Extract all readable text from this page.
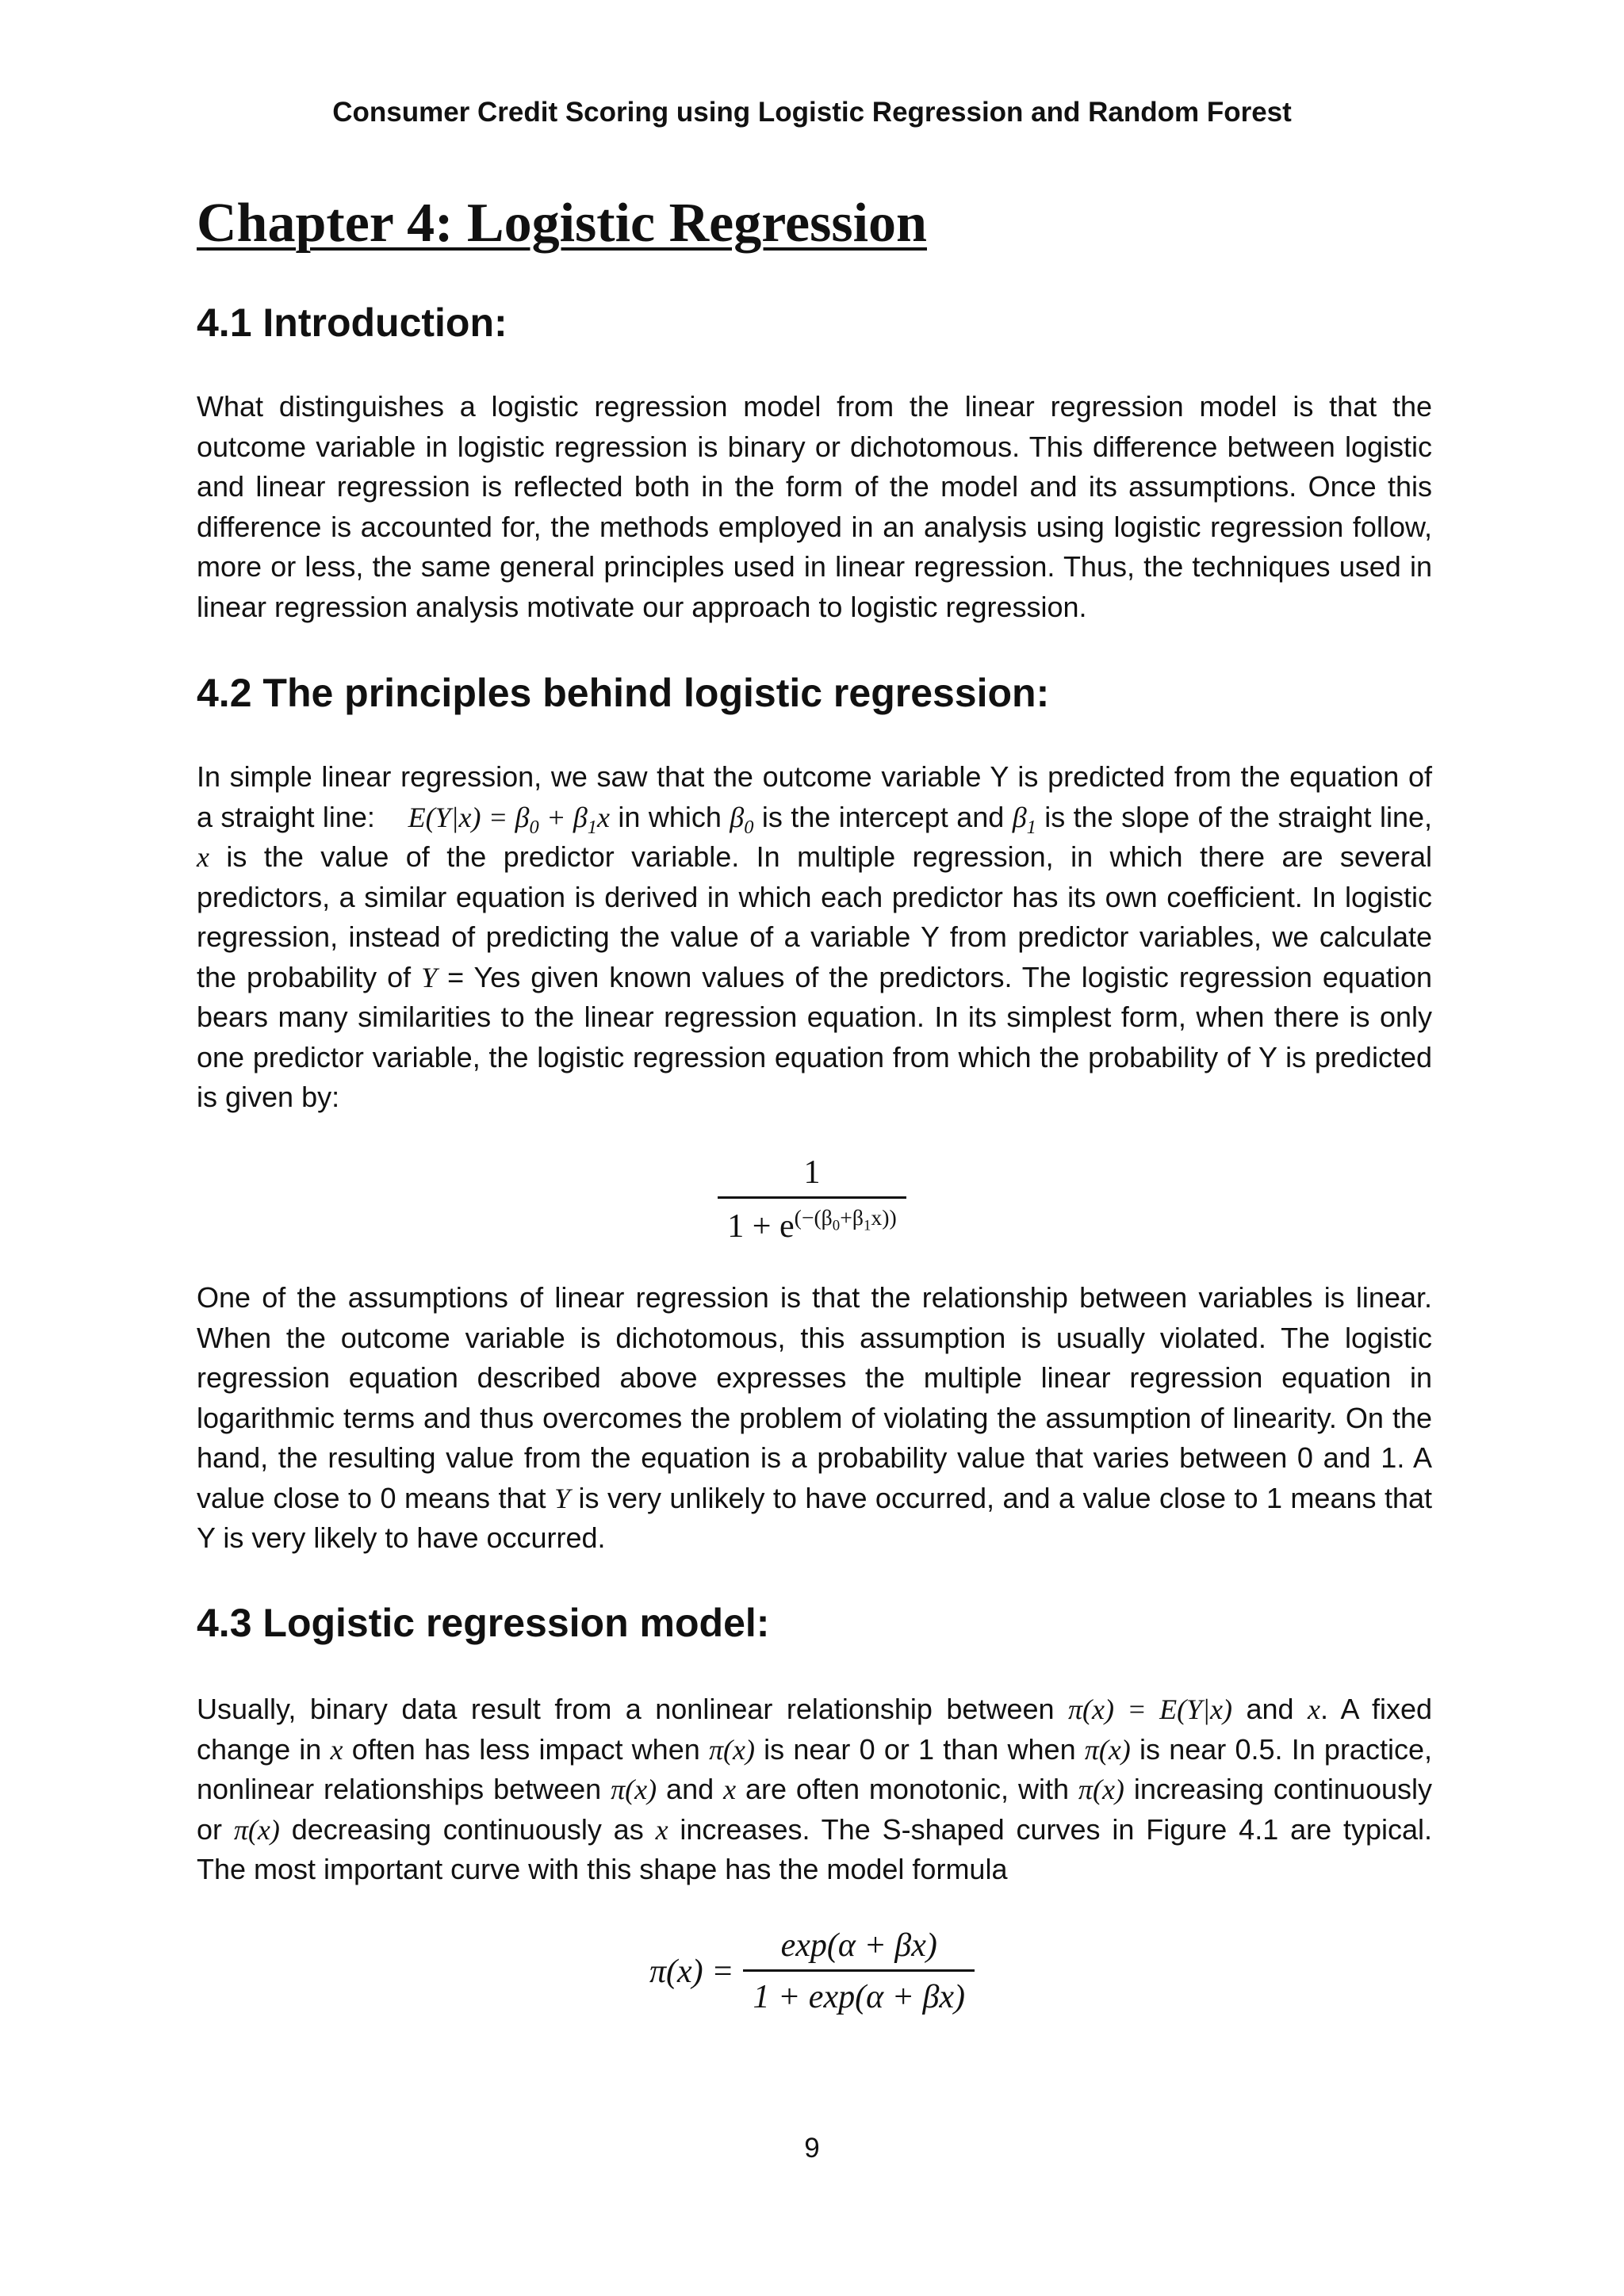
Consumer Credit Scoring using Logistic Regression and Random Forest
Chapter 4: Logistic Regression
4.1 Introduction:

What distinguishes a logistic regression model from the linear regression model is that the outcome variable in logistic regression is binary or dichotomous. This difference between logistic and linear regression is reflected both in the form of the model and its assumptions. Once this difference is accounted for, the methods employed in an analysis using logistic regression follow, more or less, the same general principles used in linear regression. Thus, the techniques used in linear regression analysis motivate our approach to logistic regression.

4.2 The principles behind logistic regression:

In simple linear regression, we saw that the outcome variable Y is predicted from the equation of a straight line: $E(Y|x) = \beta_0 + \beta_1x$ in which $\beta_0$ is the intercept and $\beta_1$ is the slope of the straight line, x is the value of the predictor variable. In multiple regression, in which there are several predictors, a similar equation is derived in which each predictor has its own coefficient. In logistic regression, instead of predicting the value of a variable Y from predictor variables, we calculate the probability of Y = Yes given known values of the predictors. The logistic regression equation bears many similarities to the linear regression equation. In its simplest form, when there is only one predictor variable, the logistic regression equation from which the probability of Y is predicted is given by:

$\frac{1}{1 + e^{(-(\beta_0+\beta_1x))}}$

One of the assumptions of linear regression is that the relationship between variables is linear. When the outcome variable is dichotomous, this assumption is usually violated. The logistic regression equation described above expresses the multiple linear regression equation in logarithmic terms and thus overcomes the problem of violating the assumption of linearity. On the hand, the resulting value from the equation is a probability value that varies between 0 and 1. A value close to 0 means that Y is very unlikely to have occurred, and a value close to 1 means that Y is very likely to have occurred.

4.3 Logistic regression model:

Usually, binary data result from a nonlinear relationship between π(x) = E(Y|x) and x. A fixed change in x often has less impact when π(x) is near 0 or 1 than when π(x) is near 0.5. In practice, nonlinear relationships between π(x) and x are often monotonic, with π(x) increasing continuously or π(x) decreasing continuously as x increases. The S-shaped curves in Figure 4.1 are typical. The most important curve with this shape has the model formula

$\pi(x) = \frac{\exp(\alpha + \beta x)}{1 + \exp(\alpha + \beta x)}$
9
